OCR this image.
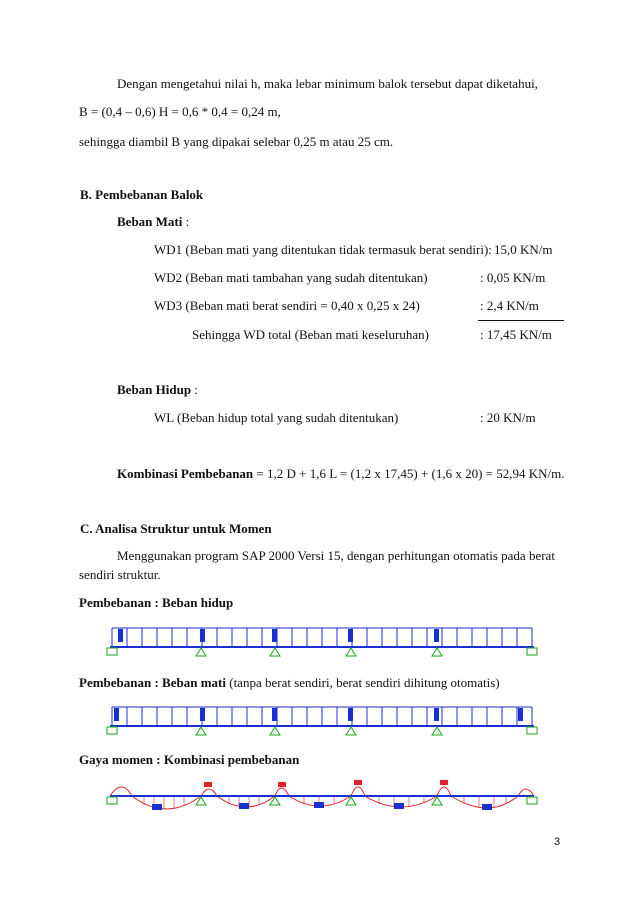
Dengan mengetahui nilai h, maka lebar minimum balok tersebut dapat diketahui,
B = (0,4 – 0,6) H = 0,6 * 0,4 = 0,24 m,
sehingga diambil B yang dipakai selebar 0,25 m atau 25 cm.
B. Pembebanan Balok
Beban Mati :
WD1 (Beban mati yang ditentukan tidak termasuk berat sendiri): 15,0 KN/m
WD2 (Beban mati tambahan yang sudah ditentukan)	: 0,05 KN/m
WD3 (Beban mati berat sendiri = 0,40 x 0,25 x 24)	: 2,4 KN/m
Sehingga WD total (Beban mati keseluruhan)	: 17,45 KN/m
Beban Hidup :
WL (Beban hidup total yang sudah ditentukan)	: 20 KN/m
Kombinasi Pembebanan = 1,2 D + 1,6 L = (1,2 x 17,45) + (1,6 x 20) = 52,94 KN/m.
C. Analisa Struktur untuk Momen
Menggunakan program SAP 2000 Versi 15, dengan perhitungan otomatis pada berat
sendiri struktur.
Pembebanan : Beban hidup
Pembebanan : Beban mati (tanpa berat sendiri, berat sendiri dihitung otomatis)
Gaya momen : Kombinasi pembebanan
3
